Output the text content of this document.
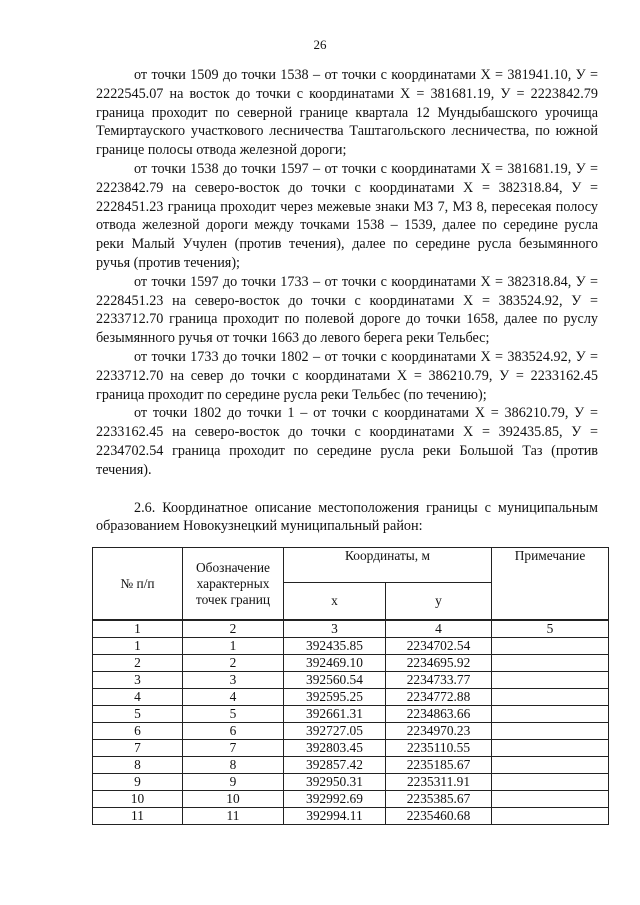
26

от точки 1509 до точки 1538 – от точки с координатами Х = 381941.10, У = 2222545.07 на восток до точки с координатами Х = 381681.19, У = 2223842.79 граница проходит по северной границе квартала 12 Мундыбашского урочища Темиртауского участкового лесничества Таштагольского лесничества, по южной границе полосы отвода железной дороги;

от точки 1538 до точки 1597 – от точки с координатами Х = 381681.19, У = 2223842.79 на северо-восток до точки с координатами Х = 382318.84, У = 2228451.23 граница проходит через межевые знаки МЗ 7, МЗ 8, пересекая полосу отвода железной дороги между точками 1538 – 1539, далее по середине русла реки Малый Учулен (против течения), далее по середине русла безымянного ручья (против течения);

от точки 1597 до точки 1733 – от точки с координатами Х = 382318.84, У = 2228451.23 на северо-восток до точки с координатами Х = 383524.92, У = 2233712.70 граница проходит по полевой дороге до точки 1658, далее по руслу безымянного ручья от точки 1663 до левого берега реки Тельбес;

от точки 1733 до точки 1802 – от точки с координатами Х = 383524.92, У = 2233712.70 на север до точки с координатами Х = 386210.79, У = 2233162.45 граница проходит по середине русла реки Тельбес (по течению);

от точки 1802 до точки 1 – от точки с координатами Х = 386210.79, У = 2233162.45 на северо-восток до точки с координатами Х = 392435.85, У = 2234702.54 граница проходит по середине русла реки Большой Таз (против течения).

2.6. Координатное описание местоположения границы с муниципальным образованием Новокузнецкий муниципальный район:

№ п/п	Обозначение характерных точек границ	Координаты, м		Примечание
		x	y	
1	2	3	4	5
1	1	392435.85	2234702.54	
2	2	392469.10	2234695.92	
3	3	392560.54	2234733.77	
4	4	392595.25	2234772.88	
5	5	392661.31	2234863.66	
6	6	392727.05	2234970.23	
7	7	392803.45	2235110.55	
8	8	392857.42	2235185.67	
9	9	392950.31	2235311.91	
10	10	392992.69	2235385.67	
11	11	392994.11	2235460.68	
